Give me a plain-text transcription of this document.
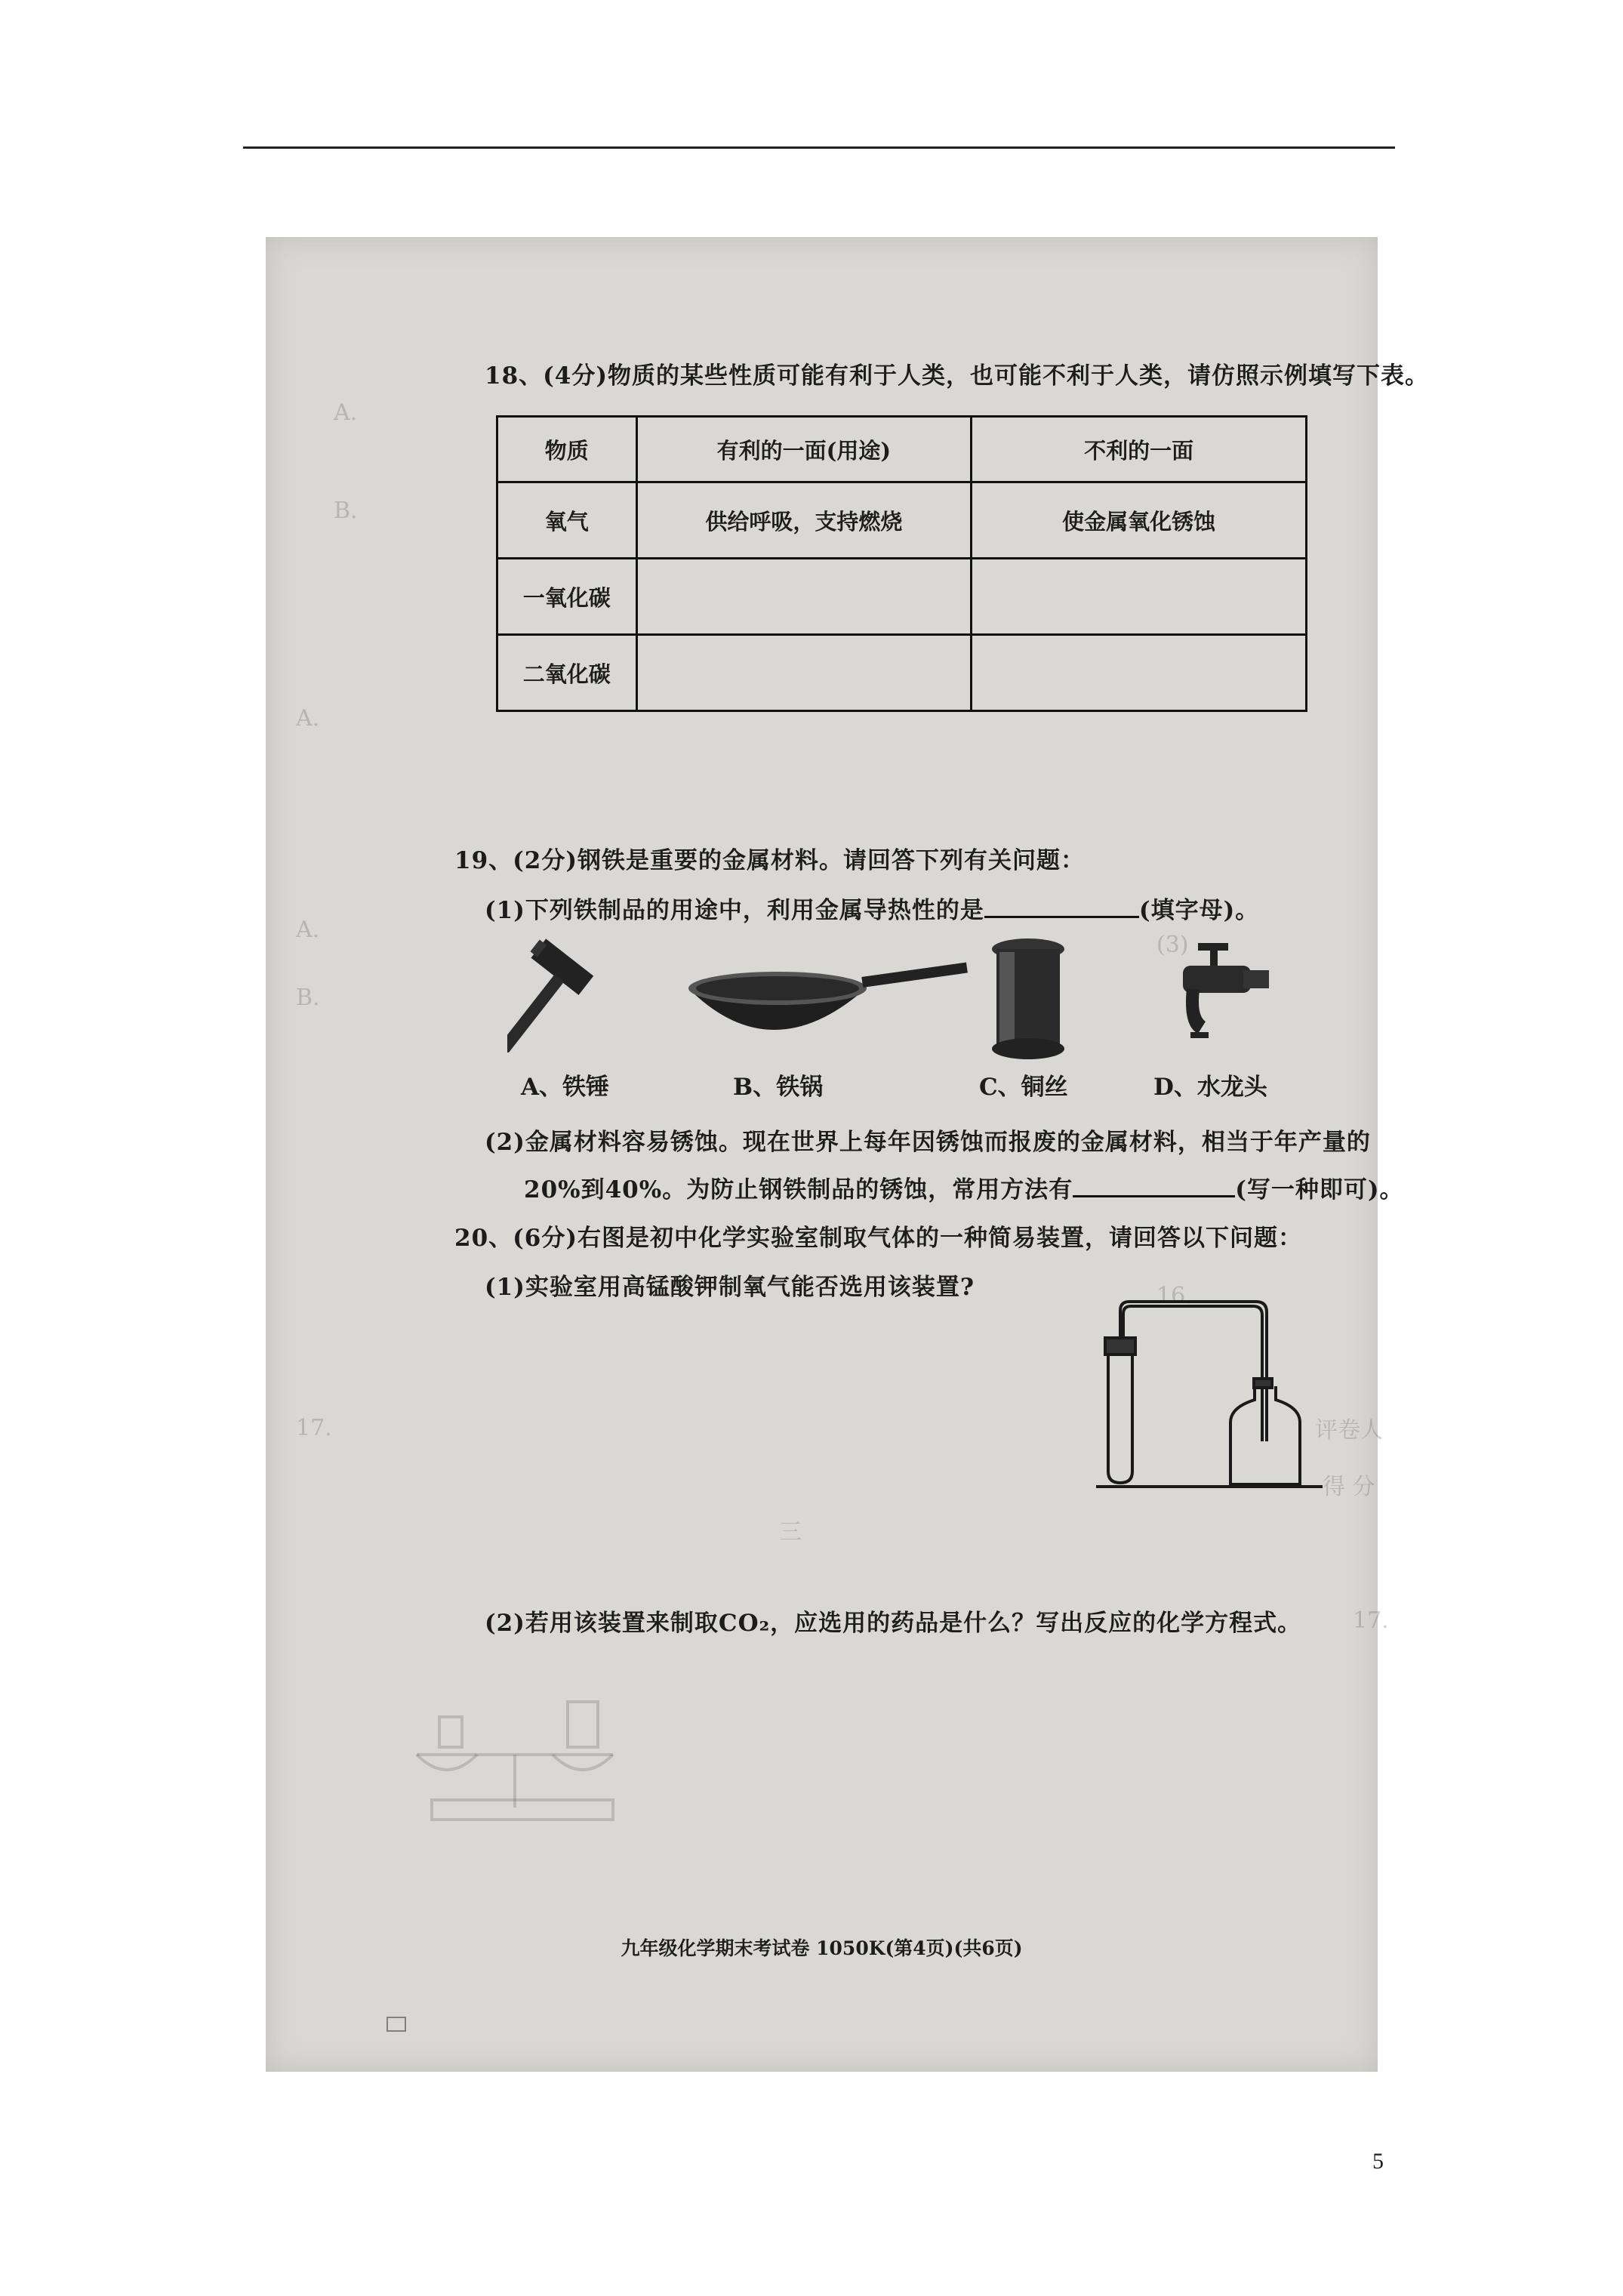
A.
B.
A.
A.
B.
(3)
16.
17.	评卷人
得 分
17.
三
18、(4分)物质的某些性质可能有利于人类，也可能不利于人类，请仿照示例填写下表。
物质	有利的一面(用途)	不利的一面
氧气	供给呼吸，支持燃烧	使金属氧化锈蚀
一氧化碳		
二氧化碳		
19、(2分)钢铁是重要的金属材料。请回答下列有关问题：
(1)下列铁制品的用途中，利用金属导热性的是	(填字母)。
A、铁锤	B、铁锅	C、铜丝	D、水龙头
(2)金属材料容易锈蚀。现在世界上每年因锈蚀而报废的金属材料，相当于年产量的
20%到40%。为防止钢铁制品的锈蚀，常用方法有	(写一种即可)。
20、(6分)右图是初中化学实验室制取气体的一种简易装置，请回答以下问题：
(1)实验室用高锰酸钾制氧气能否选用该装置?
(2)若用该装置来制取CO₂，应选用的药品是什么？写出反应的化学方程式。
九年级化学期末考试卷 1050K(第4页)(共6页)
5
